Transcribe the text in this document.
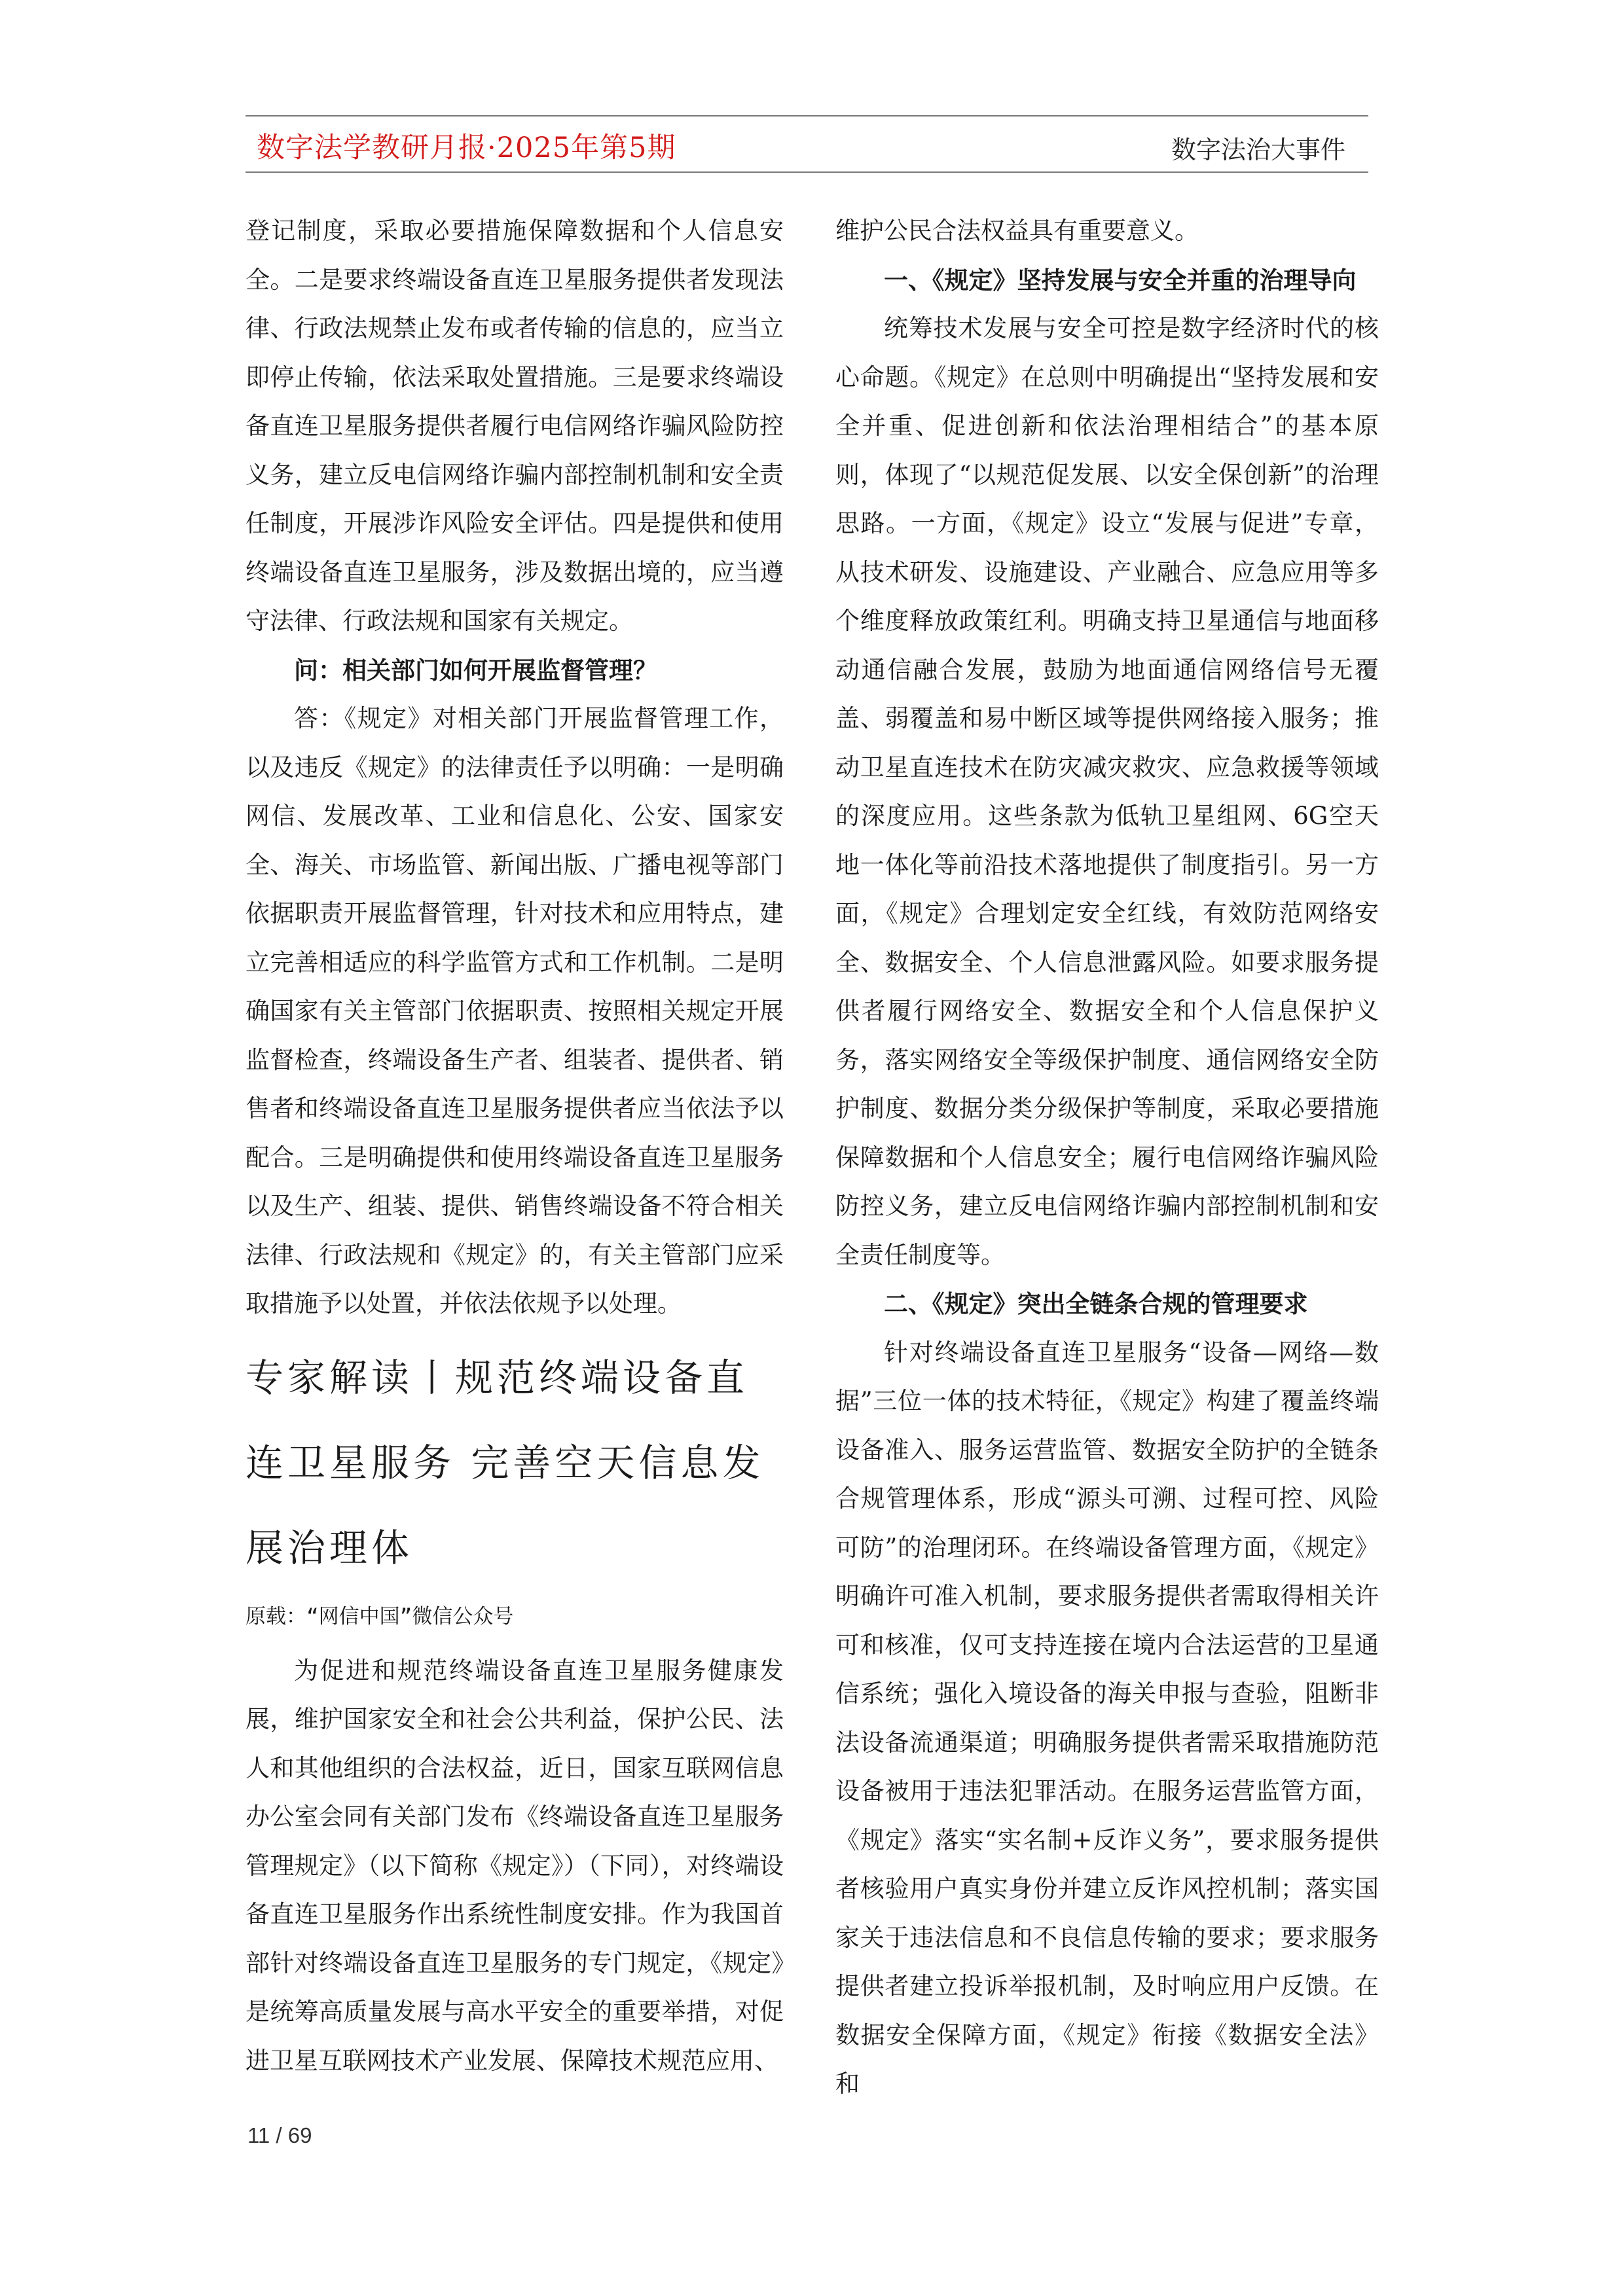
数字法学教研月报·2025年第5期	数字法治大事件

登记制度，采取必要措施保障数据和个人信息安全。二是要求终端设备直连卫星服务提供者发现法律、行政法规禁止发布或者传输的信息的，应当立即停止传输，依法采取处置措施。三是要求终端设备直连卫星服务提供者履行电信网络诈骗风险防控义务，建立反电信网络诈骗内部控制机制和安全责任制度，开展涉诈风险安全评估。四是提供和使用终端设备直连卫星服务，涉及数据出境的，应当遵守法律、行政法规和国家有关规定。

问：相关部门如何开展监督管理？

答：《规定》对相关部门开展监督管理工作，以及违反《规定》的法律责任予以明确：一是明确网信、发展改革、工业和信息化、公安、国家安全、海关、市场监管、新闻出版、广播电视等部门依据职责开展监督管理，针对技术和应用特点，建立完善相适应的科学监管方式和工作机制。二是明确国家有关主管部门依据职责、按照相关规定开展监督检查，终端设备生产者、组装者、提供者、销售者和终端设备直连卫星服务提供者应当依法予以配合。三是明确提供和使用终端设备直连卫星服务以及生产、组装、提供、销售终端设备不符合相关法律、行政法规和《规定》的，有关主管部门应采取措施予以处置，并依法依规予以处理。

专家解读丨规范终端设备直连卫星服务 完善空天信息发展治理体

原载：“网信中国”微信公众号

为促进和规范终端设备直连卫星服务健康发展，维护国家安全和社会公共利益，保护公民、法人和其他组织的合法权益，近日，国家互联网信息办公室会同有关部门发布《终端设备直连卫星服务管理规定》（以下简称《规定》）（下同），对终端设备直连卫星服务作出系统性制度安排。作为我国首部针对终端设备直连卫星服务的专门规定，《规定》是统筹高质量发展与高水平安全的重要举措，对促进卫星互联网技术产业发展、保障技术规范应用、

维护公民合法权益具有重要意义。

一、《规定》坚持发展与安全并重的治理导向

统筹技术发展与安全可控是数字经济时代的核心命题。《规定》在总则中明确提出“坚持发展和安全并重、促进创新和依法治理相结合”的基本原则，体现了“以规范促发展、以安全保创新”的治理思路。一方面，《规定》设立“发展与促进”专章，从技术研发、设施建设、产业融合、应急应用等多个维度释放政策红利。明确支持卫星通信与地面移动通信融合发展，鼓励为地面通信网络信号无覆盖、弱覆盖和易中断区域等提供网络接入服务；推动卫星直连技术在防灾减灾救灾、应急救援等领域的深度应用。这些条款为低轨卫星组网、6G空天地一体化等前沿技术落地提供了制度指引。另一方面，《规定》合理划定安全红线，有效防范网络安全、数据安全、个人信息泄露风险。如要求服务提供者履行网络安全、数据安全和个人信息保护义务，落实网络安全等级保护制度、通信网络安全防护制度、数据分类分级保护等制度，采取必要措施保障数据和个人信息安全；履行电信网络诈骗风险防控义务，建立反电信网络诈骗内部控制机制和安全责任制度等。

二、《规定》突出全链条合规的管理要求

针对终端设备直连卫星服务“设备—网络—数据”三位一体的技术特征，《规定》构建了覆盖终端设备准入、服务运营监管、数据安全防护的全链条合规管理体系，形成“源头可溯、过程可控、风险可防”的治理闭环。在终端设备管理方面，《规定》明确许可准入机制，要求服务提供者需取得相关许可和核准，仅可支持连接在境内合法运营的卫星通信系统；强化入境设备的海关申报与查验，阻断非法设备流通渠道；明确服务提供者需采取措施防范设备被用于违法犯罪活动。在服务运营监管方面，《规定》落实“实名制+反诈义务”，要求服务提供者核验用户真实身份并建立反诈风控机制；落实国家关于违法信息和不良信息传输的要求；要求服务提供者建立投诉举报机制，及时响应用户反馈。在数据安全保障方面，《规定》衔接《数据安全法》和

11 / 69
